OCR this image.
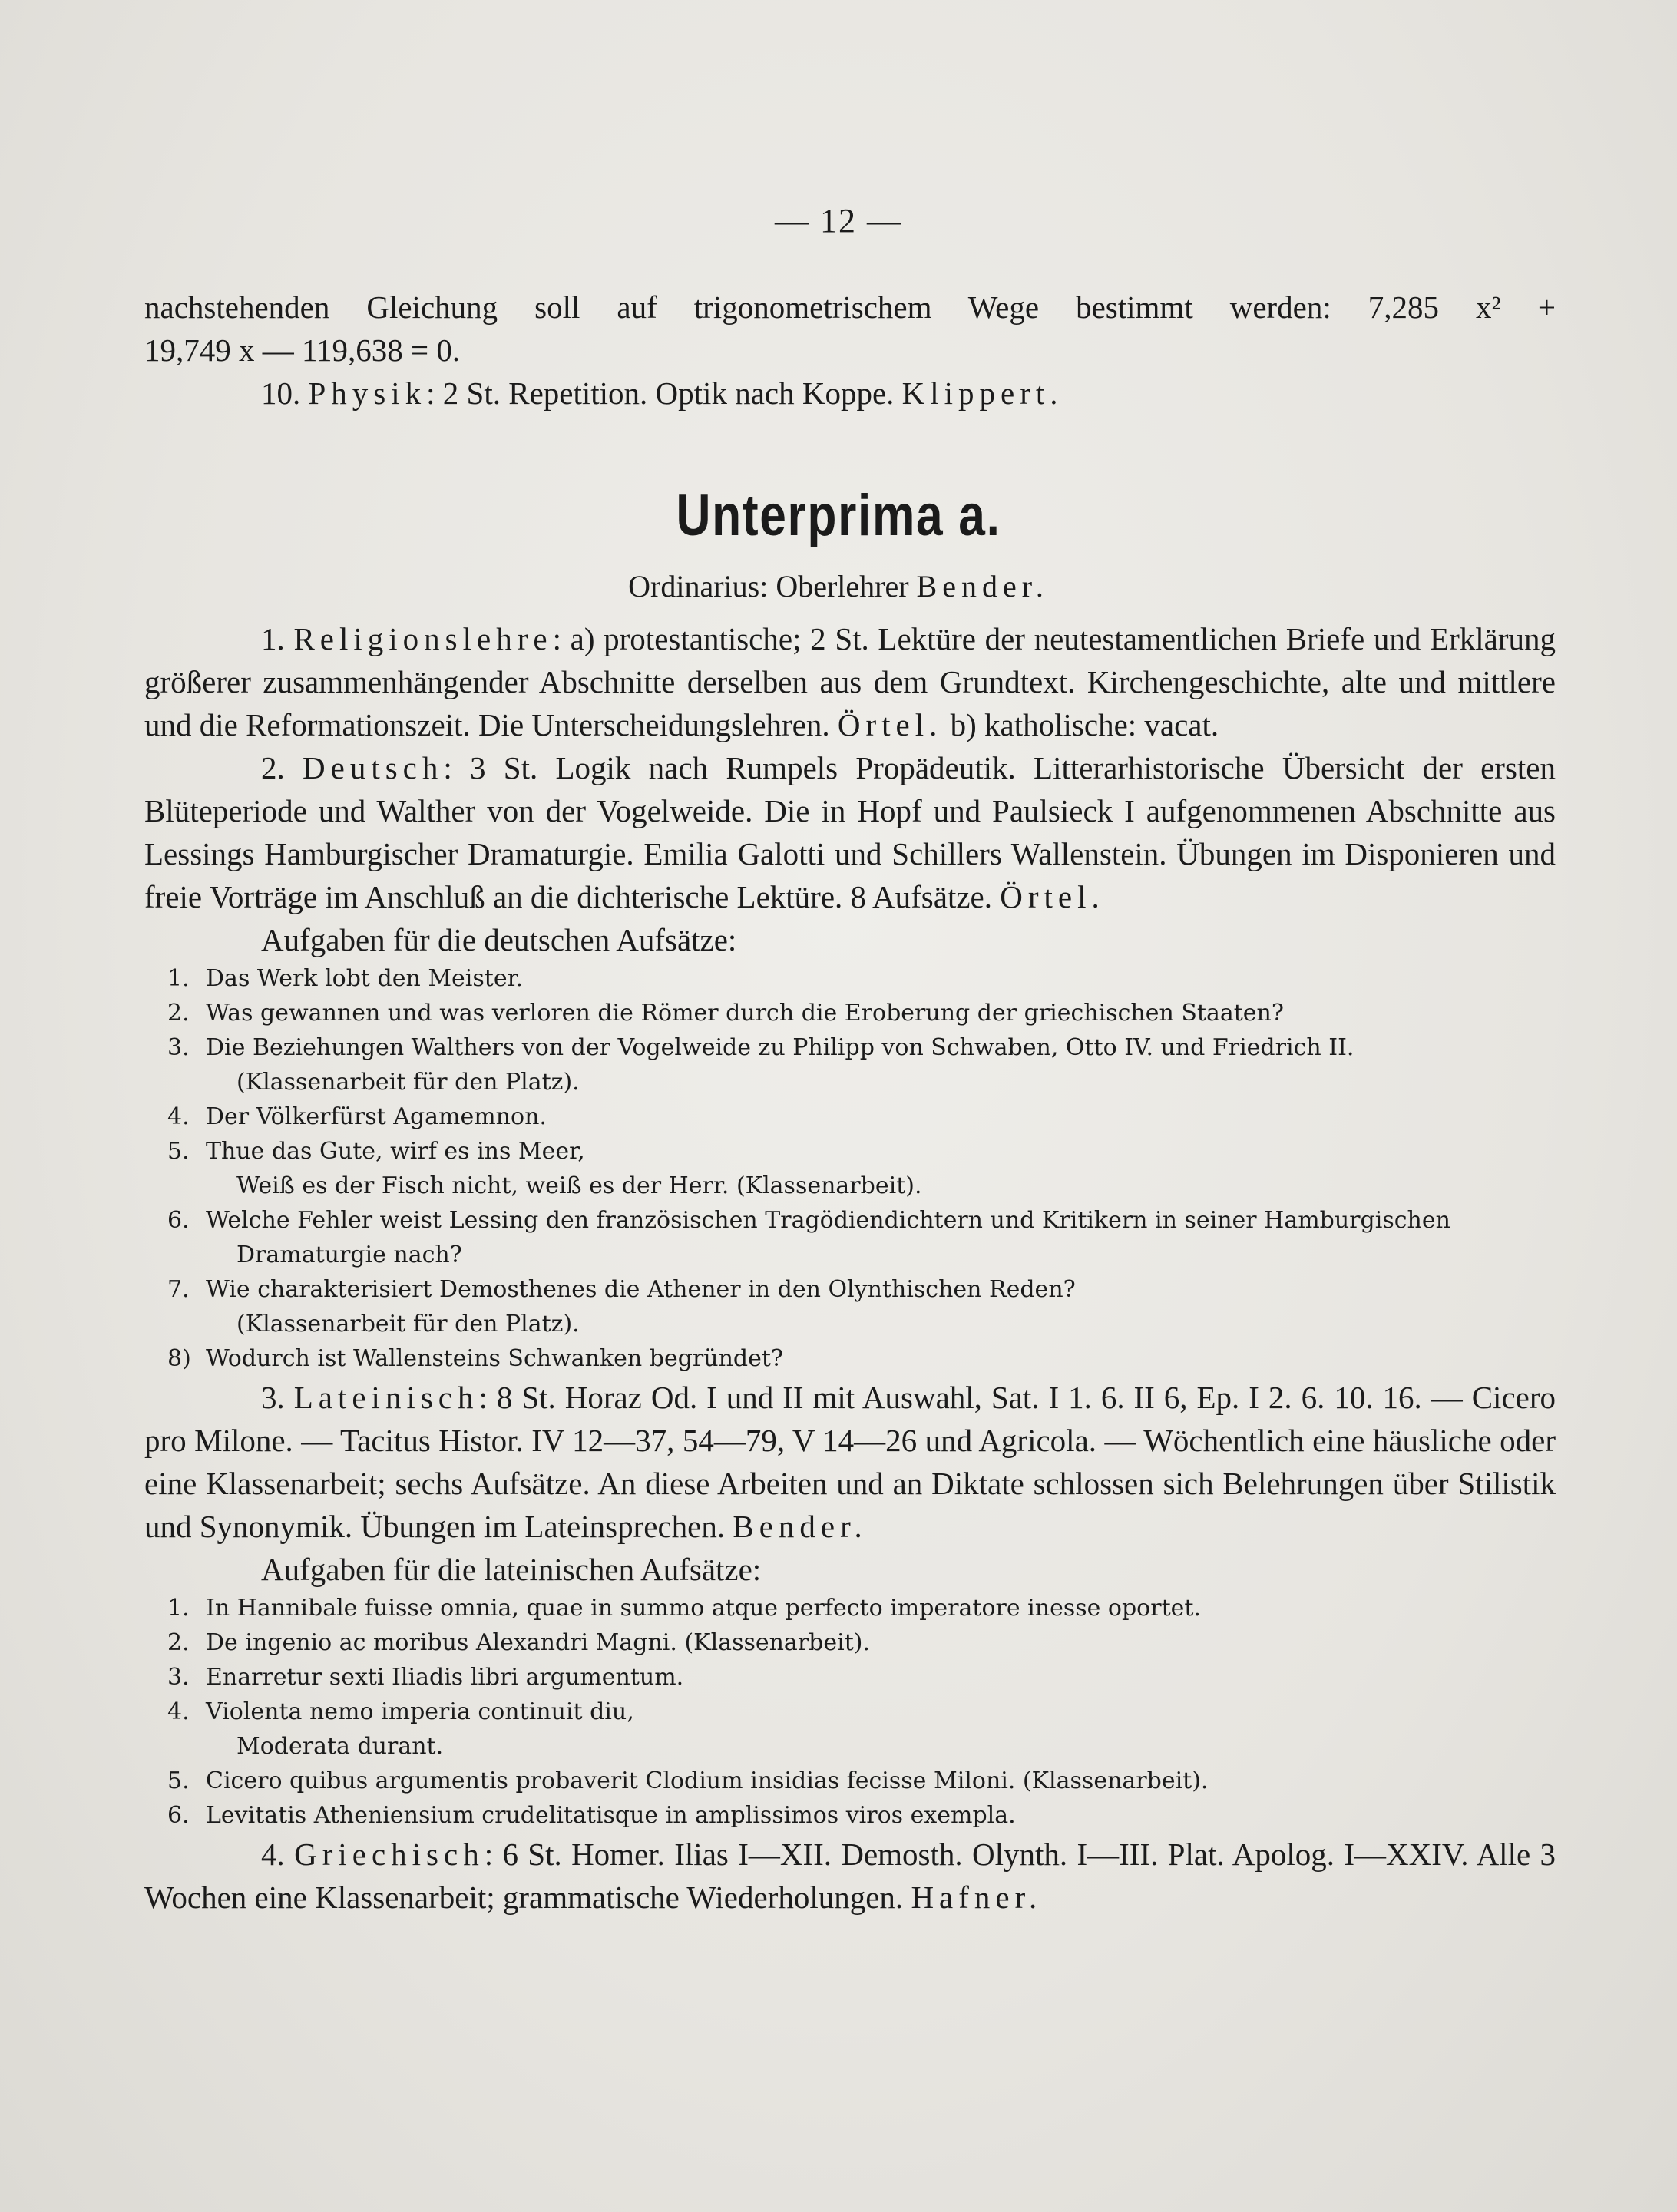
— 12 —
nachstehenden Gleichung soll auf trigonometrischem Wege bestimmt werden: 7,285 x² +
19,749 x — 119,638 = 0.
10. Physik: 2 St. Repetition. Optik nach Koppe. Klippert.
Unterprima a.
Ordinarius: Oberlehrer Bender.
1. Religionslehre: a) protestantische; 2 St. Lektüre der neutestamentlichen Briefe und Erklärung größerer zusammenhängender Abschnitte derselben aus dem Grundtext. Kirchengeschichte, alte und mittlere und die Reformationszeit. Die Unterscheidungslehren. Örtel. b) katholische: vacat.
2. Deutsch: 3 St. Logik nach Rumpels Propädeutik. Litterarhistorische Übersicht der ersten Blüteperiode und Walther von der Vogelweide. Die in Hopf und Paulsieck I aufgenommenen Abschnitte aus Lessings Hamburgischer Dramaturgie. Emilia Galotti und Schillers Wallenstein. Übungen im Disponieren und freie Vorträge im Anschluß an die dichterische Lektüre. 8 Aufsätze. Örtel.
Aufgaben für die deutschen Aufsätze:
1. Das Werk lobt den Meister.
2. Was gewannen und was verloren die Römer durch die Eroberung der griechischen Staaten?
3. Die Beziehungen Walthers von der Vogelweide zu Philipp von Schwaben, Otto IV. und Friedrich II.
(Klassenarbeit für den Platz).
4. Der Völkerfürst Agamemnon.
5. Thue das Gute, wirf es ins Meer,
Weiß es der Fisch nicht, weiß es der Herr. (Klassenarbeit).
6. Welche Fehler weist Lessing den französischen Tragödiendichtern und Kritikern in seiner Hamburgischen
Dramaturgie nach?
7. Wie charakterisiert Demosthenes die Athener in den Olynthischen Reden?
(Klassenarbeit für den Platz).
8) Wodurch ist Wallensteins Schwanken begründet?
3. Lateinisch: 8 St. Horaz Od. I und II mit Auswahl, Sat. I 1. 6. II 6, Ep. I 2. 6. 10. 16. — Cicero pro Milone. — Tacitus Histor. IV 12—37, 54—79, V 14—26 und Agricola. — Wöchentlich eine häusliche oder eine Klassenarbeit; sechs Aufsätze. An diese Arbeiten und an Diktate schlossen sich Belehrungen über Stilistik und Synonymik. Übungen im Lateinsprechen. Bender.
Aufgaben für die lateinischen Aufsätze:
1. In Hannibale fuisse omnia, quae in summo atque perfecto imperatore inesse oportet.
2. De ingenio ac moribus Alexandri Magni. (Klassenarbeit).
3. Enarretur sexti Iliadis libri argumentum.
4. Violenta nemo imperia continuit diu,
Moderata durant.
5. Cicero quibus argumentis probaverit Clodium insidias fecisse Miloni. (Klassenarbeit).
6. Levitatis Atheniensium crudelitatisque in amplissimos viros exempla.
4. Griechisch: 6 St. Homer. Ilias I—XII. Demosth. Olynth. I—III. Plat. Apolog. I—XXIV. Alle 3 Wochen eine Klassenarbeit; grammatische Wiederholungen. Hafner.
